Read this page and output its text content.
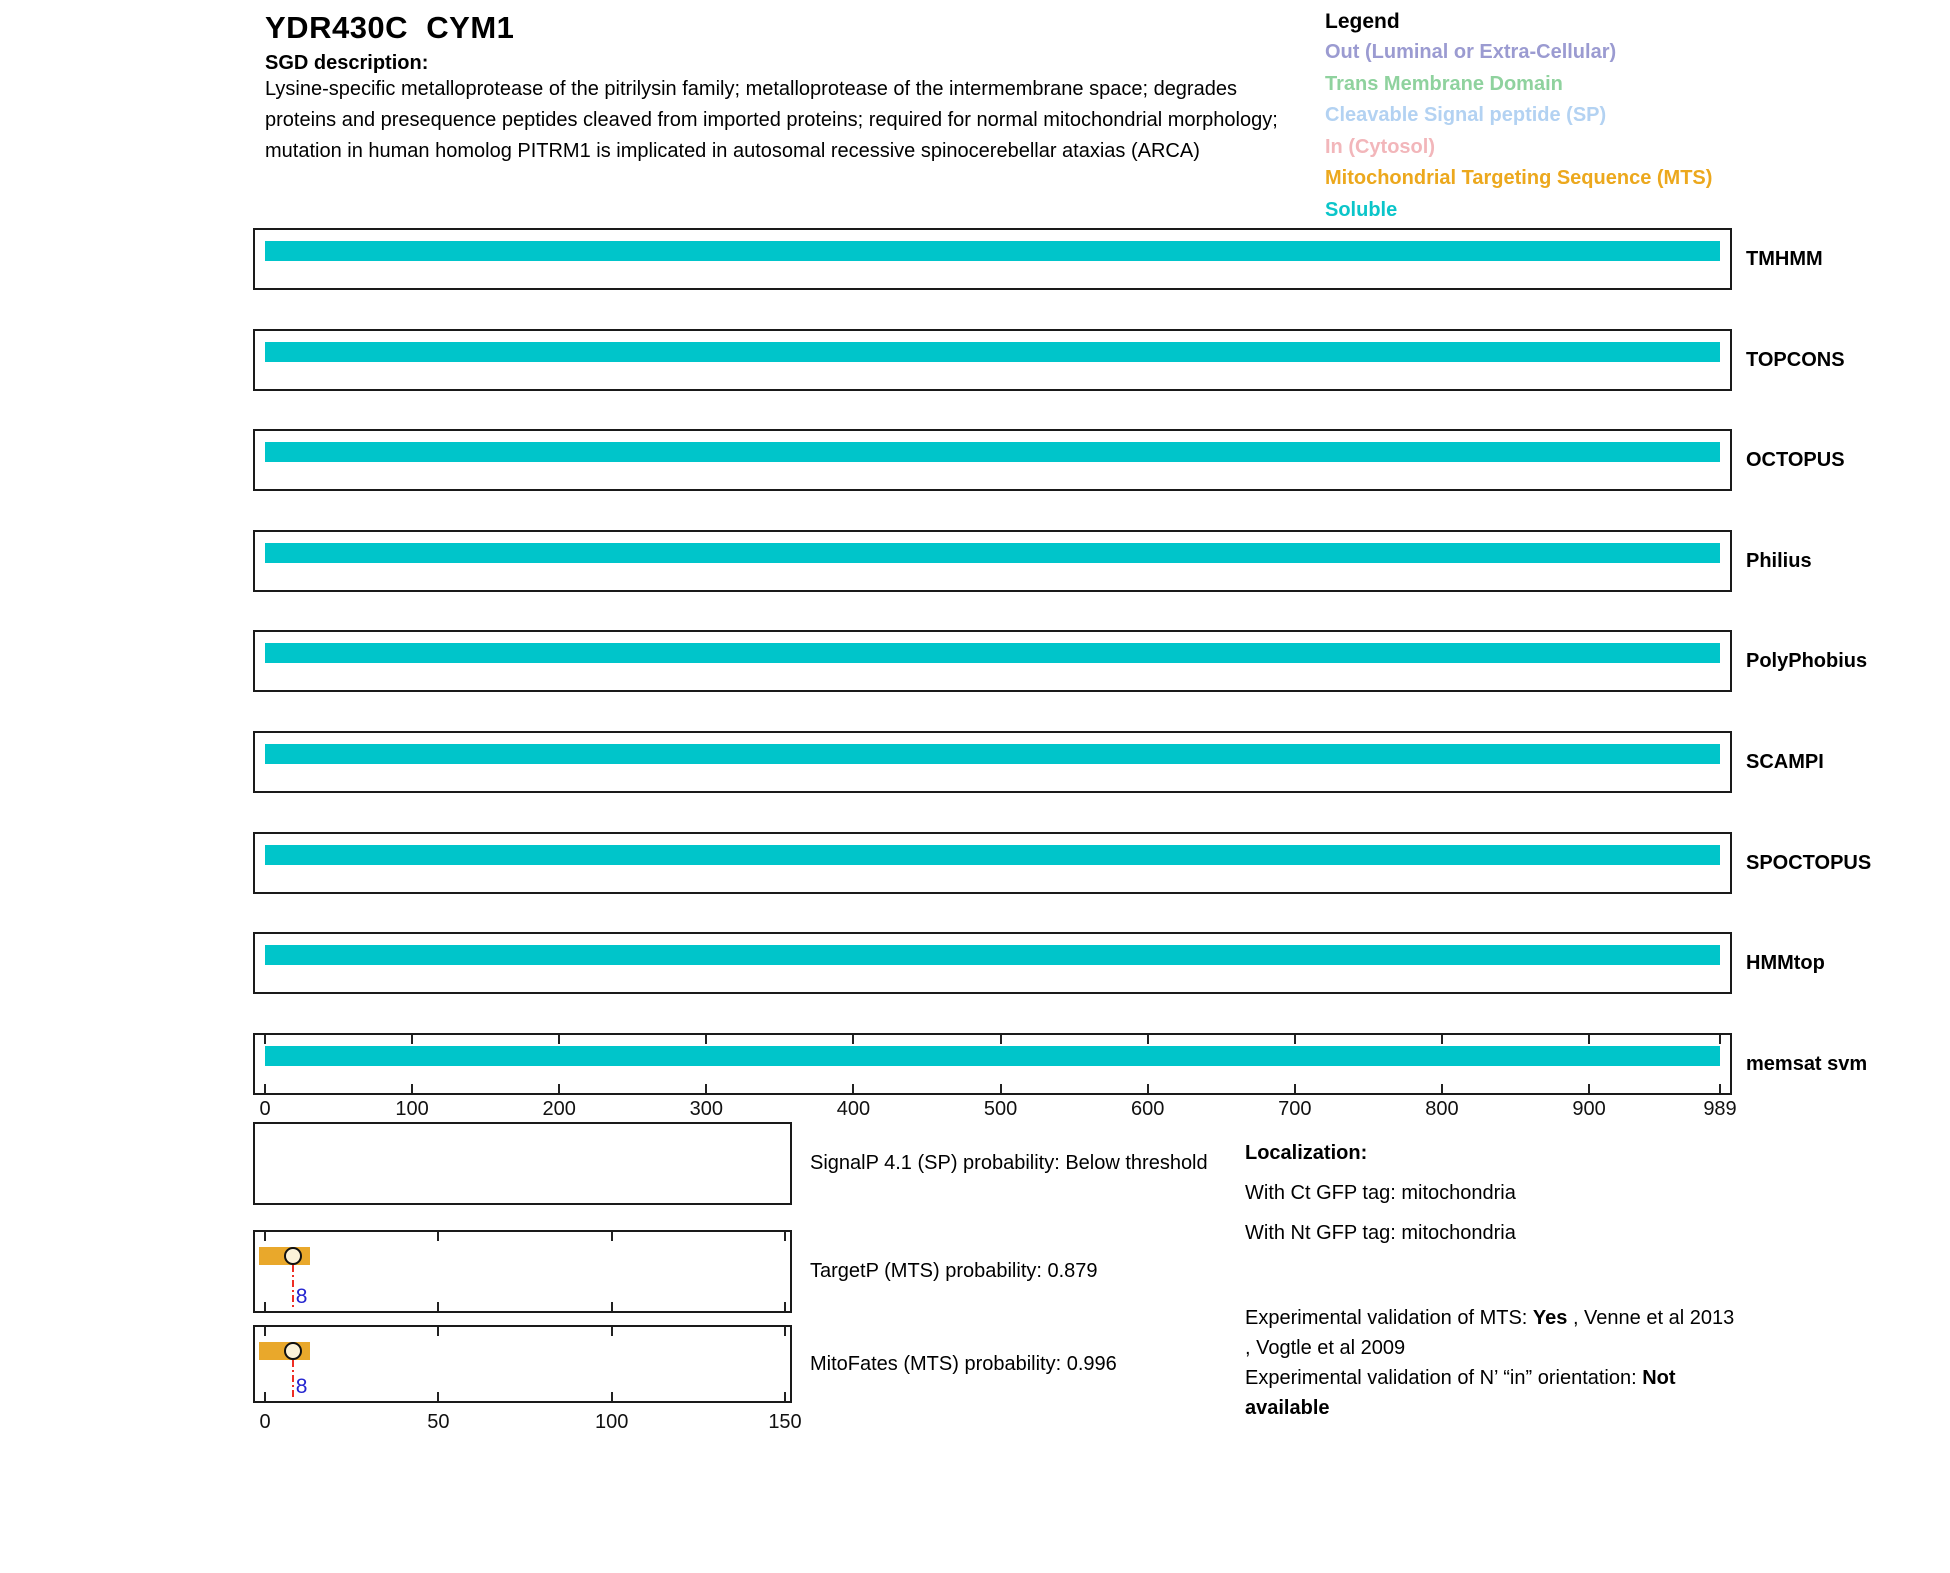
YDR430C  CYM1
SGD description:

Lysine-specific metalloprotease of the pitrilysin family; metalloprotease of the intermembrane space; degrades proteins and presequence peptides cleaved from imported proteins; required for normal mitochondrial morphology; mutation in human homolog PITRM1 is implicated in autosomal recessive spinocerebellar ataxias (ARCA)

Legend
Out (Luminal or Extra-Cellular)
Trans Membrane Domain
Cleavable Signal peptide (SP)
In (Cytosol)
Mitochondrial Targeting Sequence (MTS)
Soluble
TMHMM
TOPCONS
OCTOPUS
Philius
PolyPhobius
SCAMPI
SPOCTOPUS
HMMtop
memsat svm
0	100	200	300	400	500	600	700	800	900	989
SignalP 4.1 (SP) probability: Below threshold
8
TargetP (MTS) probability: 0.879
8
MitoFates (MTS) probability: 0.996
0	50	100	150
Localization:
With Ct GFP tag: mitochondria
With Nt GFP tag: mitochondria
Experimental validation of MTS: Yes , Venne et al 2013
, Vogtle et al 2009
Experimental validation of N’ “in” orientation: Not available
